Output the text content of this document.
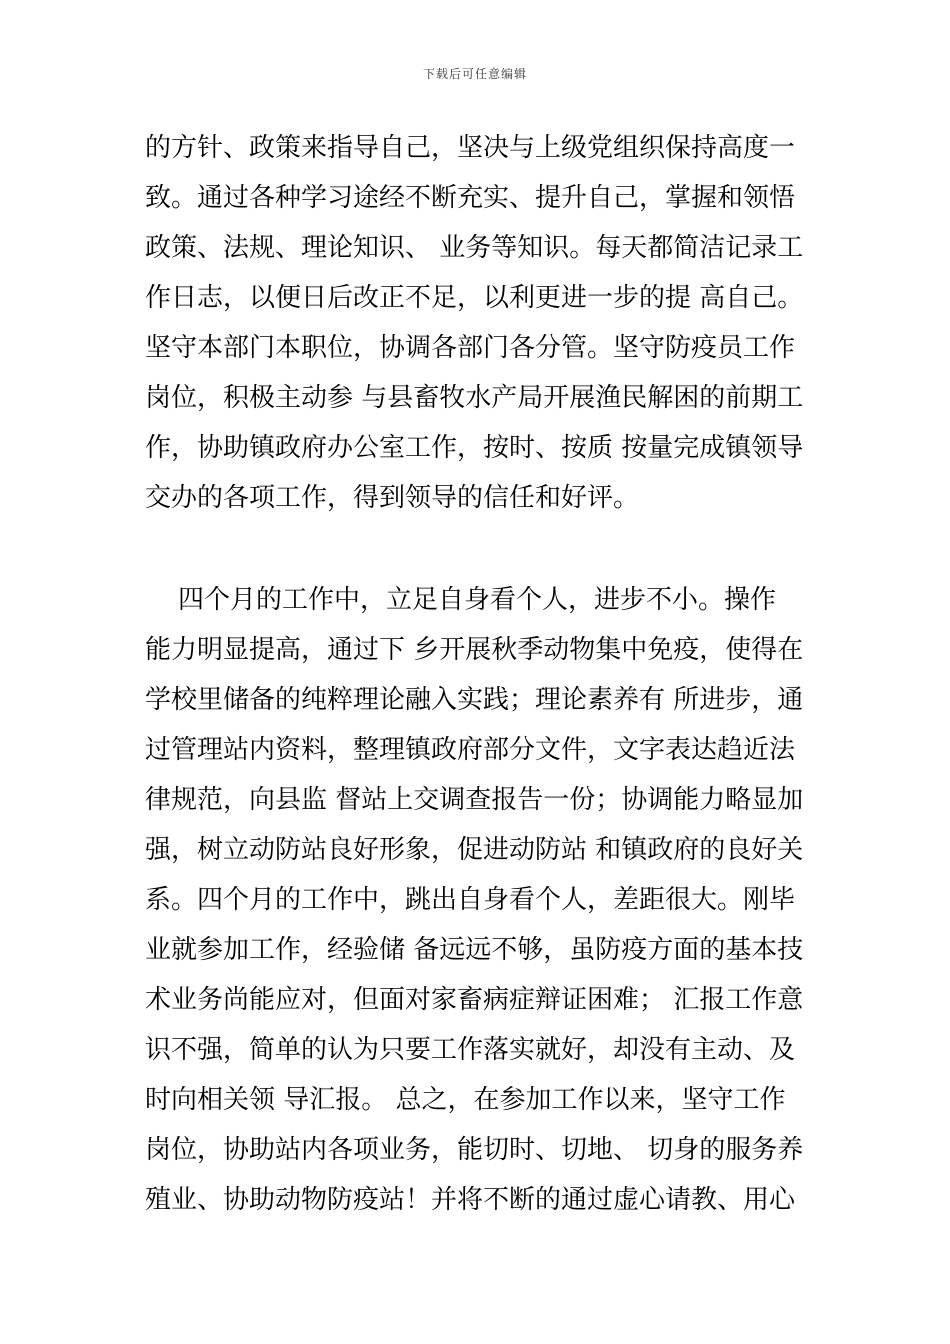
下载后可任意编辑
的方针、政策来指导自己，坚决与上级党组织保持高度一
致。通过各种学习途经不断充实、提升自己，掌握和领悟
政策、法规、理论知识、 业务等知识。每天都简洁记录工
作日志，以便日后改正不足，以利更进一步的提 高自己。
坚守本部门本职位，协调各部门各分管。坚守防疫员工作
岗位，积极主动参 与县畜牧水产局开展渔民解困的前期工
作，协助镇政府办公室工作，按时、按质 按量完成镇领导
交办的各项工作，得到领导的信任和好评。
四个月的工作中，立足自身看个人，进步不小。操作
能力明显提高，通过下 乡开展秋季动物集中免疫，使得在
学校里储备的纯粹理论融入实践；理论素养有 所进步，通
过管理站内资料，整理镇政府部分文件，文字表达趋近法
律规范，向县监 督站上交调查报告一份；协调能力略显加
强，树立动防站良好形象，促进动防站 和镇政府的良好关
系。四个月的工作中，跳出自身看个人，差距很大。刚毕
业就参加工作，经验储 备远远不够，虽防疫方面的基本技
术业务尚能应对，但面对家畜病症辩证困难； 汇报工作意
识不强，简单的认为只要工作落实就好，却没有主动、及
时向相关领 导汇报。 总之，在参加工作以来，坚守工作
岗位，协助站内各项业务，能切时、切地、 切身的服务养
殖业、协助动物防疫站！并将不断的通过虚心请教、用心
